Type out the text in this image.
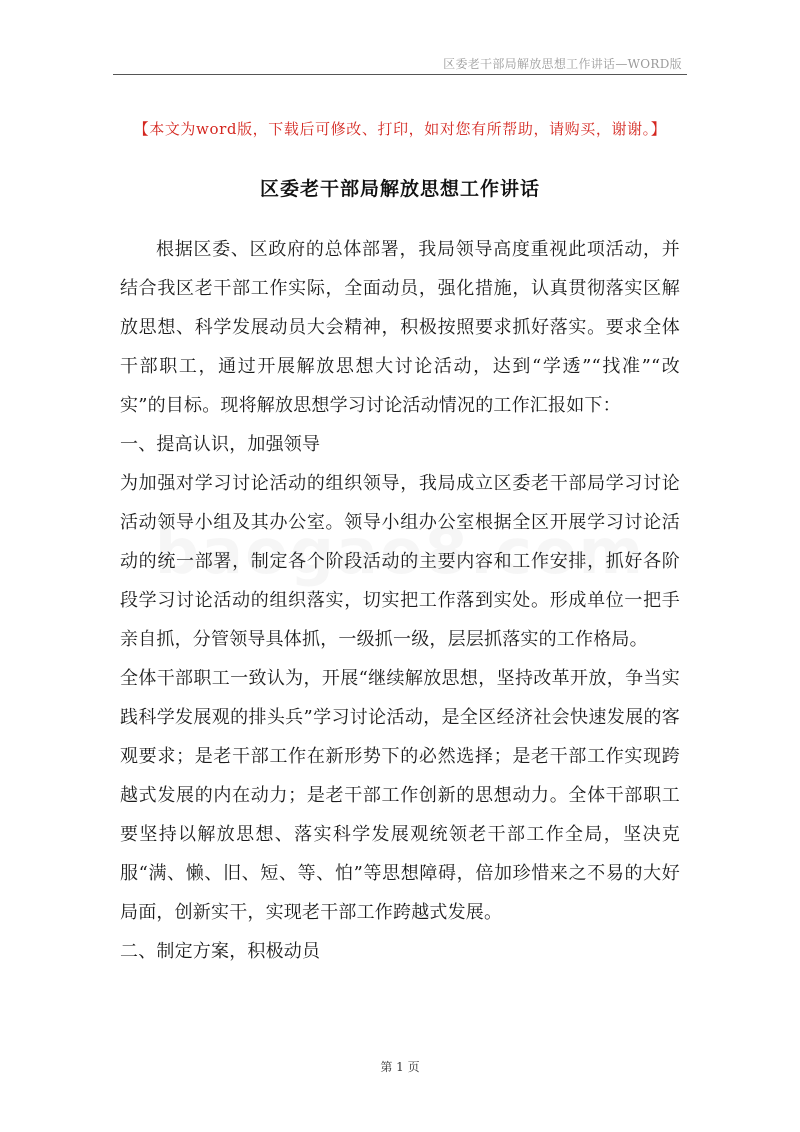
区委老干部局解放思想工作讲话—WORD版
【本文为word版，下载后可修改、打印，如对您有所帮助，请购买，谢谢。】
区委老干部局解放思想工作讲话

根据区委、区政府的总体部署，我局领导高度重视此项活动，并结合我区老干部工作实际，全面动员，强化措施，认真贯彻落实区解放思想、科学发展动员大会精神，积极按照要求抓好落实。要求全体干部职工，通过开展解放思想大讨论活动，达到“学透”“找准”“改实”的目标。现将解放思想学习讨论活动情况的工作汇报如下：

一、提高认识，加强领导

为加强对学习讨论活动的组织领导，我局成立区委老干部局学习讨论活动领导小组及其办公室。领导小组办公室根据全区开展学习讨论活动的统一部署，制定各个阶段活动的主要内容和工作安排，抓好各阶段学习讨论活动的组织落实，切实把工作落到实处。形成单位一把手亲自抓，分管领导具体抓，一级抓一级，层层抓落实的工作格局。

全体干部职工一致认为，开展“继续解放思想，坚持改革开放，争当实践科学发展观的排头兵”学习讨论活动，是全区经济社会快速发展的客观要求；是老干部工作在新形势下的必然选择；是老干部工作实现跨越式发展的内在动力；是老干部工作创新的思想动力。全体干部职工要坚持以解放思想、落实科学发展观统领老干部工作全局，坚决克服“满、懒、旧、短、等、怕”等思想障碍，倍加珍惜来之不易的大好局面，创新实干，实现老干部工作跨越式发展。

二、制定方案，积极动员

第 1 页
